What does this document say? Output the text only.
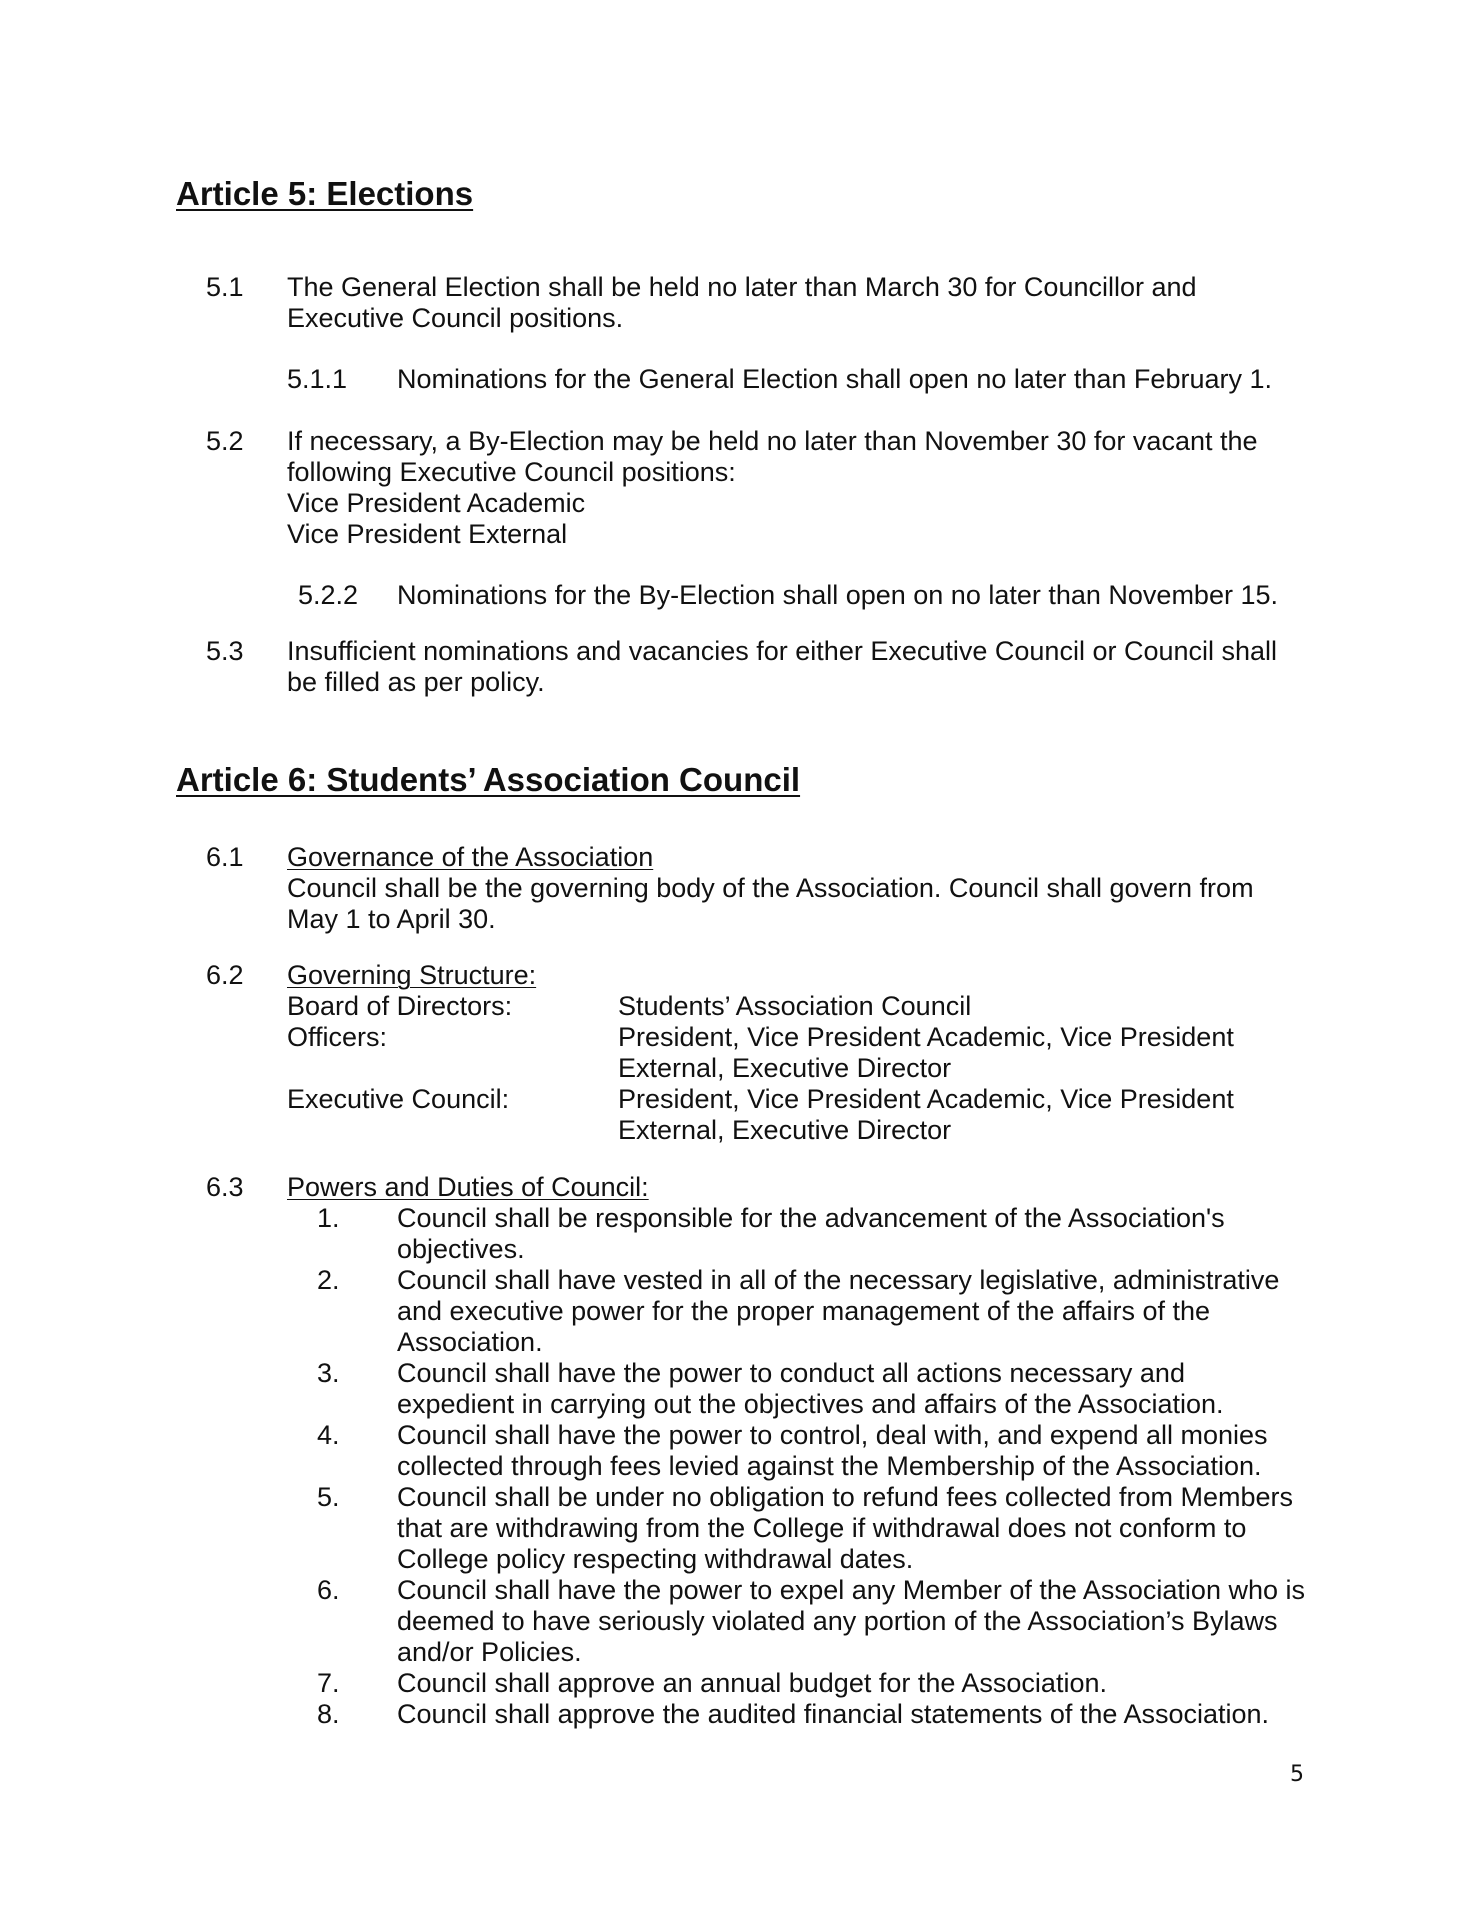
Article 5: Elections
5.1 The General Election shall be held no later than March 30 for Councillor and
Executive Council positions.
5.1.1 Nominations for the General Election shall open no later than February 1.
5.2 If necessary, a By-Election may be held no later than November 30 for vacant the
following Executive Council positions:
Vice President Academic
Vice President External
5.2.2 Nominations for the By-Election shall open on no later than November 15.
5.3 Insufficient nominations and vacancies for either Executive Council or Council shall
be filled as per policy.
Article 6: Students’ Association Council
6.1 Governance of the Association
Council shall be the governing body of the Association. Council shall govern from
May 1 to April 30.
6.2 Governing Structure:
Board of Directors:	Students’ Association Council
Officers:	President, Vice President Academic, Vice President
External, Executive Director
Executive Council:	President, Vice President Academic, Vice President
External, Executive Director
6.3 Powers and Duties of Council:
1. Council shall be responsible for the advancement of the Association's
objectives.
2. Council shall have vested in all of the necessary legislative, administrative
and executive power for the proper management of the affairs of the
Association.
3. Council shall have the power to conduct all actions necessary and
expedient in carrying out the objectives and affairs of the Association.
4. Council shall have the power to control, deal with, and expend all monies
collected through fees levied against the Membership of the Association.
5. Council shall be under no obligation to refund fees collected from Members
that are withdrawing from the College if withdrawal does not conform to
College policy respecting withdrawal dates.
6. Council shall have the power to expel any Member of the Association who is
deemed to have seriously violated any portion of the Association’s Bylaws
and/or Policies.
7. Council shall approve an annual budget for the Association.
8. Council shall approve the audited financial statements of the Association.
5
